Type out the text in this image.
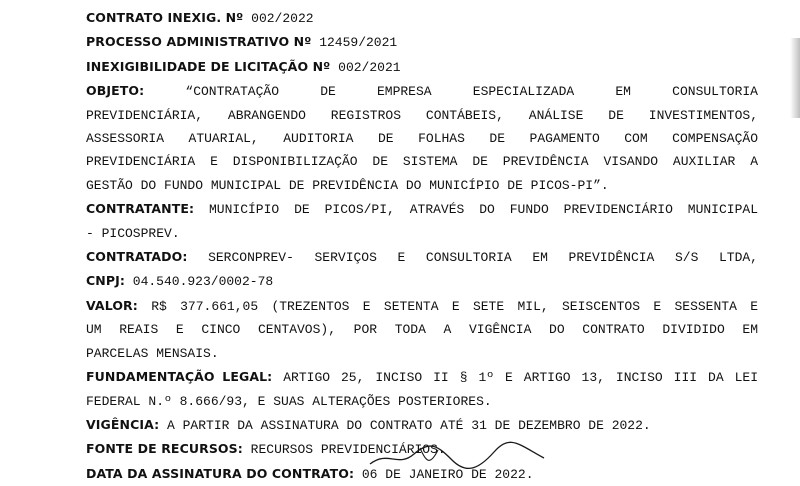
CONTRATO INEXIG. Nº 002/2022
PROCESSO ADMINISTRATIVO Nº 12459/2021
INEXIGIBILIDADE DE LICITAÇÃO Nº 002/2021
OBJETO:	“CONTRATAÇÃO DE EMPRESA ESPECIALIZADA EM CONSULTORIA
PREVIDENCIÁRIA, ABRANGENDO REGISTROS CONTÁBEIS, ANÁLISE DE INVESTIMENTOS,
ASSESSORIA ATUARIAL, AUDITORIA DE FOLHAS DE PAGAMENTO COM COMPENSAÇÃO
PREVIDENCIÁRIA E DISPONIBILIZAÇÃO DE SISTEMA DE PREVIDÊNCIA VISANDO AUXILIAR A
GESTÃO DO FUNDO MUNICIPAL DE PREVIDÊNCIA DO MUNICÍPIO DE PICOS-PI”.
CONTRATANTE: MUNICÍPIO DE PICOS/PI, ATRAVÉS DO FUNDO PREVIDENCIÁRIO MUNICIPAL
- PICOSPREV.
CONTRATADO: SERCONPREV- SERVIÇOS E CONSULTORIA EM PREVIDÊNCIA S/S LTDA,
CNPJ: 04.540.923/0002-78
VALOR: R$ 377.661,05 (TREZENTOS E SETENTA E SETE MIL, SEISCENTOS E SESSENTA E
UM REAIS E CINCO CENTAVOS), POR TODA A VIGÊNCIA DO CONTRATO DIVIDIDO EM
PARCELAS MENSAIS.
FUNDAMENTAÇÃO LEGAL: ARTIGO 25, INCISO II § 1º E ARTIGO 13, INCISO III DA LEI
FEDERAL N.º 8.666/93, E SUAS ALTERAÇÕES POSTERIORES.
VIGÊNCIA: A PARTIR DA ASSINATURA DO CONTRATO ATÉ 31 DE DEZEMBRO DE 2022.
FONTE DE RECURSOS: RECURSOS PREVIDENCIÁRIOS.
DATA DA ASSINATURA DO CONTRATO: 06 DE JANEIRO DE 2022.
